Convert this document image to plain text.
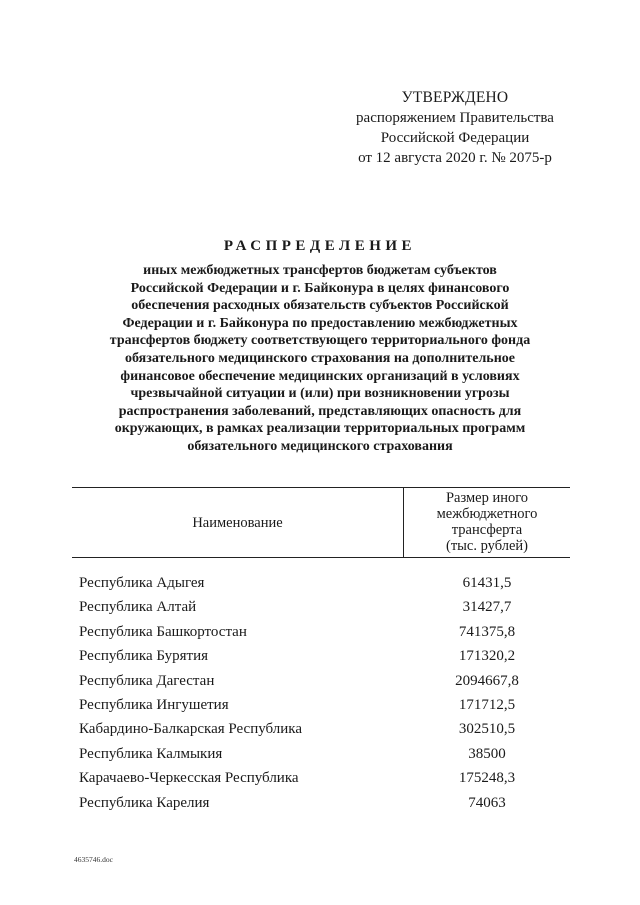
УТВЕРЖДЕНО
распоряжением Правительства
Российской Федерации
от 12 августа 2020 г. № 2075-р
РАСПРЕДЕЛЕНИЕ
иных межбюджетных трансфертов бюджетам субъектов
Российской Федерации и г. Байконура в целях финансового
обеспечения расходных обязательств субъектов Российской
Федерации и г. Байконура по предоставлению межбюджетных
трансфертов бюджету соответствующего территориального фонда
обязательного медицинского страхования на дополнительное
финансовое обеспечение медицинских организаций в условиях
чрезвычайной ситуации и (или) при возникновении угрозы
распространения заболеваний, представляющих опасность для
окружающих, в рамках реализации территориальных программ
обязательного медицинского страхования
Наименование
Размер иного
межбюджетного
трансферта
(тыс. рублей)
Республика Адыгея	61431,5
Республика Алтай	31427,7
Республика Башкортостан	741375,8
Республика Бурятия	171320,2
Республика Дагестан	2094667,8
Республика Ингушетия	171712,5
Кабардино-Балкарская Республика	302510,5
Республика Калмыкия	38500
Карачаево-Черкесская Республика	175248,3
Республика Карелия	74063
4635746.doc
